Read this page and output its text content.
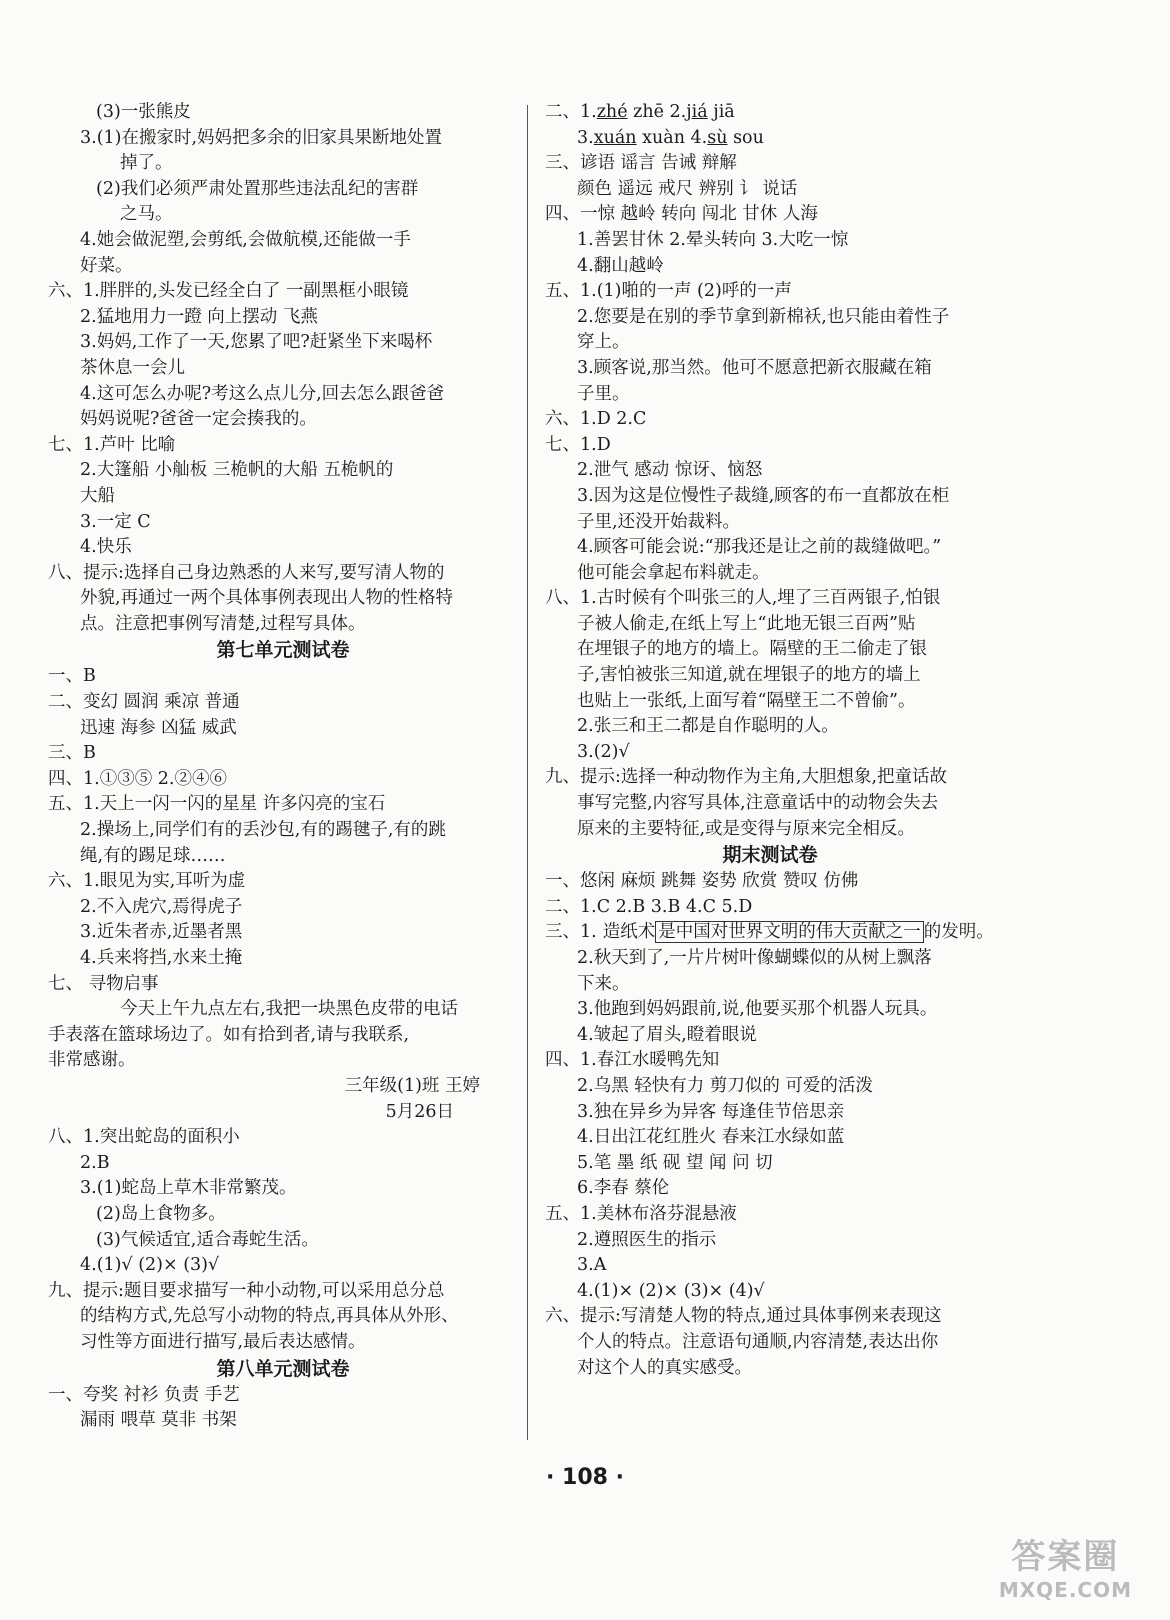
(3)一张熊皮
3.(1)在搬家时,妈妈把多余的旧家具果断地处置
掉了。
(2)我们必须严肃处置那些违法乱纪的害群
之马。
4.她会做泥塑,会剪纸,会做航模,还能做一手
好菜。
六、1.胖胖的,头发已经全白了 一副黑框小眼镜
2.猛地用力一蹬 向上摆动 飞燕
3.妈妈,工作了一天,您累了吧?赶紧坐下来喝杯
茶休息一会儿
4.这可怎么办呢?考这么点儿分,回去怎么跟爸爸
妈妈说呢?爸爸一定会揍我的。
七、1.芦叶 比喻
2.大篷船 小舢板 三桅帆的大船 五桅帆的
大船
3.一定 C
4.快乐
八、提示:选择自己身边熟悉的人来写,要写清人物的
外貌,再通过一两个具体事例表现出人物的性格特
点。注意把事例写清楚,过程写具体。
第七单元测试卷
一、B
二、变幻 圆润 乘凉 普通
迅速 海参 凶猛 威武
三、B
四、1.①③⑤ 2.②④⑥
五、1.天上一闪一闪的星星 许多闪亮的宝石
2.操场上,同学们有的丢沙包,有的踢毽子,有的跳
绳,有的踢足球……
六、1.眼见为实,耳听为虚
2.不入虎穴,焉得虎子
3.近朱者赤,近墨者黑
4.兵来将挡,水来土掩
七、 寻物启事
今天上午九点左右,我把一块黑色皮带的电话
手表落在篮球场边了。如有拾到者,请与我联系,
非常感谢。
三年级(1)班 王婷
5月26日
八、1.突出蛇岛的面积小
2.B
3.(1)蛇岛上草木非常繁茂。
(2)岛上食物多。
(3)气候适宜,适合毒蛇生活。
4.(1)√ (2)× (3)√
九、提示:题目要求描写一种小动物,可以采用总分总
的结构方式,先总写小动物的特点,再具体从外形、
习性等方面进行描写,最后表达感情。
第八单元测试卷
一、夸奖 衬衫 负责 手艺
漏雨 喂草 莫非 书架
二、1.zhé zhē 2.jiá jiā
3.xuán xuàn 4.sù sou
三、谚语 谣言 告诫 辩解
颜色 遥远 戒尺 辨别 讠 说话
四、一惊 越岭 转向 闯北 甘休 人海
1.善罢甘休 2.晕头转向 3.大吃一惊
4.翻山越岭
五、1.(1)啪的一声 (2)呼的一声
2.您要是在别的季节拿到新棉袄,也只能由着性子
穿上。
3.顾客说,那当然。他可不愿意把新衣服藏在箱
子里。
六、1.D 2.C
七、1.D
2.泄气 感动 惊讶、恼怒
3.因为这是位慢性子裁缝,顾客的布一直都放在柜
子里,还没开始裁料。
4.顾客可能会说:“那我还是让之前的裁缝做吧。”
他可能会拿起布料就走。
八、1.古时候有个叫张三的人,埋了三百两银子,怕银
子被人偷走,在纸上写上“此地无银三百两”贴
在埋银子的地方的墙上。隔壁的王二偷走了银
子,害怕被张三知道,就在埋银子的地方的墙上
也贴上一张纸,上面写着“隔壁王二不曾偷”。
2.张三和王二都是自作聪明的人。
3.(2)√
九、提示:选择一种动物作为主角,大胆想象,把童话故
事写完整,内容写具体,注意童话中的动物会失去
原来的主要特征,或是变得与原来完全相反。
期末测试卷
一、悠闲 麻烦 跳舞 姿势 欣赏 赞叹 仿佛
二、1.C 2.B 3.B 4.C 5.D
三、1. 造纸术 是中国对世界文明的伟大贡献之一 的发明。
2.秋天到了,一片片树叶像蝴蝶似的从树上飘落
下来。
3.他跑到妈妈跟前,说,他要买那个机器人玩具。
4.皱起了眉头,瞪着眼说
四、1.春江水暖鸭先知
2.乌黑 轻快有力 剪刀似的 可爱的活泼
3.独在异乡为异客 每逢佳节倍思亲
4.日出江花红胜火 春来江水绿如蓝
5.笔 墨 纸 砚 望 闻 问 切
6.李春 蔡伦
五、1.美林布洛芬混悬液
2.遵照医生的指示
3.A
4.(1)× (2)× (3)× (4)√
六、提示:写清楚人物的特点,通过具体事例来表现这
个人的特点。注意语句通顺,内容清楚,表达出你
对这个人的真实感受。
· 108 ·
答案圈
MXQE.COM
